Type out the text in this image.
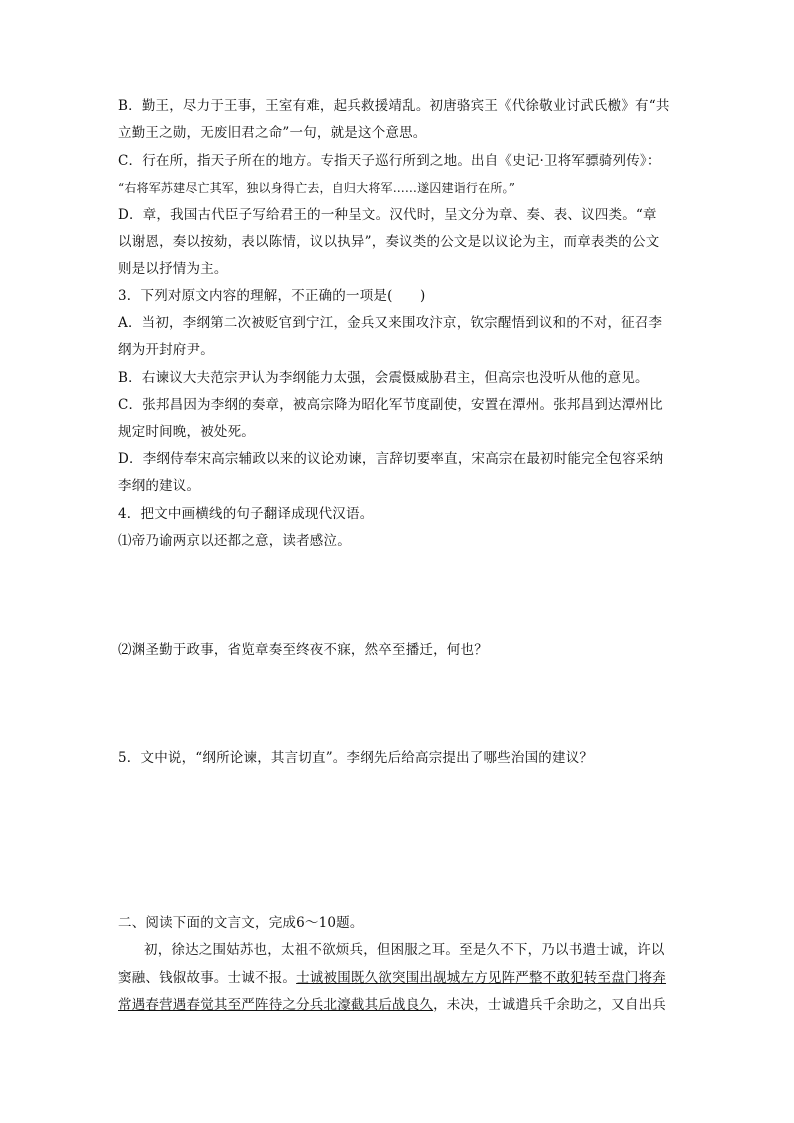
B．勤王，尽力于王事，王室有难，起兵救援靖乱。初唐骆宾王《代徐敬业讨武氏檄》有“共
立勤王之勋，无废旧君之命”一句，就是这个意思。
C．行在所，指天子所在的地方。专指天子巡行所到之地。出自《史记·卫将军骠骑列传》：
“右将军苏建尽亡其军，独以身得亡去，自归大将军……遂囚建诣行在所。”
D．章，我国古代臣子写给君王的一种呈文。汉代时，呈文分为章、奏、表、议四类。“章
以谢恩，奏以按劾，表以陈情，议以执异”，奏议类的公文是以议论为主，而章表类的公文
则是以抒情为主。
3．下列对原文内容的理解，不正确的一项是(　　)
A．当初，李纲第二次被贬官到宁江，金兵又来围攻汴京，钦宗醒悟到议和的不对，征召李
纲为开封府尹。
B．右谏议大夫范宗尹认为李纲能力太强，会震慑威胁君主，但高宗也没听从他的意见。
C．张邦昌因为李纲的奏章，被高宗降为昭化军节度副使，安置在潭州。张邦昌到达潭州比
规定时间晚，被处死。
D．李纲侍奉宋高宗辅政以来的议论劝谏，言辞切要率直，宋高宗在最初时能完全包容采纳
李纲的建议。
4．把文中画横线的句子翻译成现代汉语。
⑴帝乃谕两京以还都之意，读者感泣。
⑵渊圣勤于政事，省览章奏至终夜不寐，然卒至播迁，何也？
5．文中说，“纲所论谏，其言切直”。李纲先后给高宗提出了哪些治国的建议？
二、阅读下面的文言文，完成6～10题。
初，徐达之围姑苏也，太祖不欲烦兵，但困服之耳。至是久不下，乃以书遣士诚，许以
窦融、钱俶故事。士诚不报。士诚被围既久欲突围出觇城左方见阵严整不敢犯转至盘门将奔
常遇春营遇春觉其至严阵待之分兵北濠截其后战良久，未决，士诚遣兵千余助之，又自出兵
